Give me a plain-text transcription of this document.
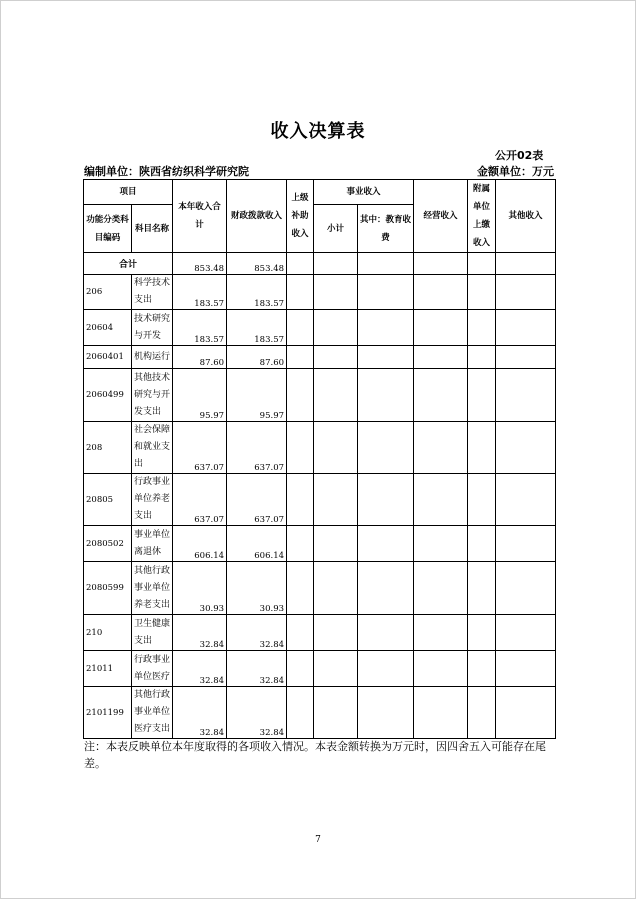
收入决算表
公开02表
编制单位：陕西省纺织科学研究院	金额单位：万元
项目		本年收入合计	财政拨款收入	上级补助收入	事业收入		经营收入	附属单位上缴收入	其他收入
功能分类科目编码	科目名称				小计	其中：教育收费			
合计		853.48	853.48						
206	科学技术支出	183.57	183.57						
20604	技术研究与开发	183.57	183.57						
2060401	机构运行	87.60	87.60						
2060499	其他技术研究与开发支出	95.97	95.97						
208	社会保障和就业支出	637.07	637.07						
20805	行政事业单位养老支出	637.07	637.07						
2080502	事业单位离退休	606.14	606.14						
2080599	其他行政事业单位养老支出	30.93	30.93						
210	卫生健康支出	32.84	32.84						
21011	行政事业单位医疗	32.84	32.84						
2101199	其他行政事业单位医疗支出	32.84	32.84						
注：本表反映单位本年度取得的各项收入情况。本表金额转换为万元时，因四舍五入可能存在尾差。
7
